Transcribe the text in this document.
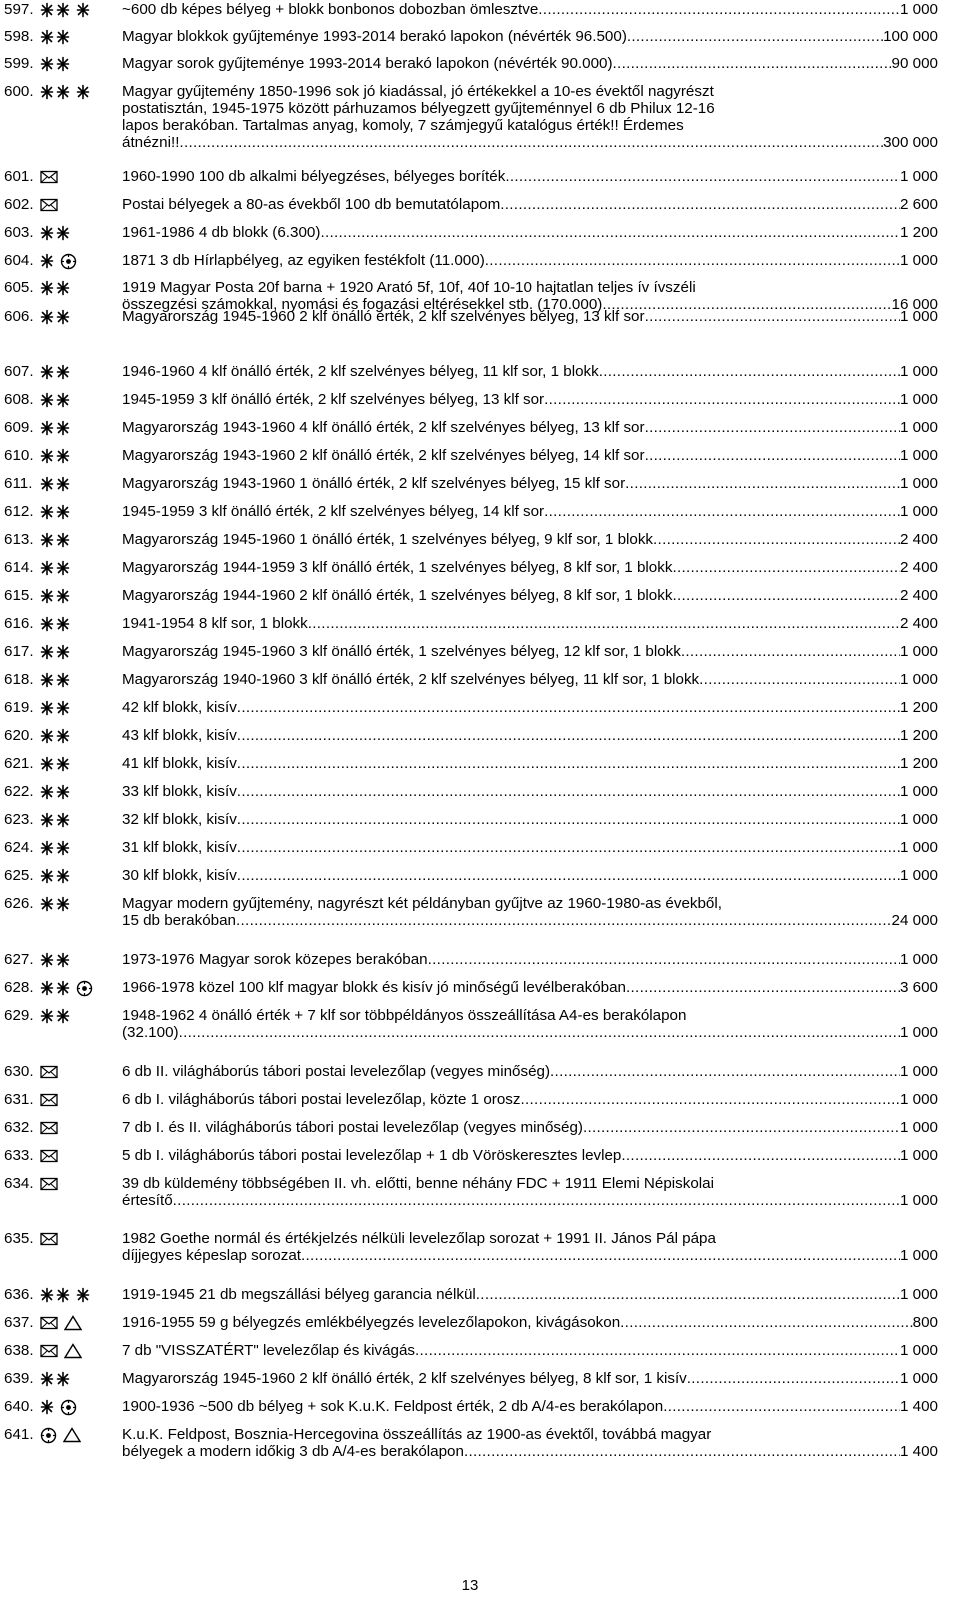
597.	~600 db képes bélyeg + blokk bonbonos dobozban ömlesztve .....	1 000
598.	Magyar blokkok gyűjteménye 1993-2014 berakó lapokon (névérték 96.500) .....	100 000
599.	Magyar sorok gyűjteménye 1993-2014 berakó lapokon (névérték 90.000) .....	90 000
600.	Magyar gyűjtemény 1850-1996 sok jó kiadással, jó értékekkel a 10-es évektől nagyrészt
postatisztán, 1945-1975 között párhuzamos bélyegzett gyűjteménnyel 6 db Philux 12-16
lapos berakóban. Tartalmas anyag, komoly, 7 számjegyű katalógus érték!! Érdemes
átnézni!! .....	300 000
601.	1960-1990 100 db alkalmi bélyegzéses, bélyeges boríték .....	1 000
602.	Postai bélyegek a 80-as évekből 100 db bemutatólapom .....	2 600
603.	1961-1986 4 db blokk (6.300) .....	1 200
604.	1871 3 db Hírlapbélyeg, az egyiken festékfolt (11.000) .....	1 000
605.	1919 Magyar Posta 20f barna + 1920 Arató 5f, 10f, 40f 10-10 hajtatlan teljes ív ívszéli
összegzési számokkal, nyomási és fogazási eltérésekkel stb. (170.000) .....	16 000
606.	Magyarország 1945-1960 2 klf önálló érték, 2 klf szelvényes bélyeg, 13 klf sor .....	1 000
607.	1946-1960 4 klf önálló érték, 2 klf szelvényes bélyeg, 11 klf sor, 1 blokk .....	1 000
608.	1945-1959 3 klf önálló érték, 2 klf szelvényes bélyeg, 13 klf sor .....	1 000
609.	Magyarország 1943-1960 4 klf önálló érték, 2 klf szelvényes bélyeg, 13 klf sor .....	1 000
610.	Magyarország 1943-1960 2 klf önálló érték, 2 klf szelvényes bélyeg, 14 klf sor .....	1 000
611.	Magyarország 1943-1960 1 önálló érték, 2 klf szelvényes bélyeg, 15 klf sor .....	1 000
612.	1945-1959 3 klf önálló érték, 2 klf szelvényes bélyeg, 14 klf sor .....	1 000
613.	Magyarország 1945-1960 1 önálló érték, 1 szelvényes bélyeg, 9 klf sor, 1 blokk .....	2 400
614.	Magyarország 1944-1959 3 klf önálló érték, 1 szelvényes bélyeg, 8 klf sor, 1 blokk .....	2 400
615.	Magyarország 1944-1960 2 klf önálló érték, 1 szelvényes bélyeg, 8 klf sor, 1 blokk .....	2 400
616.	1941-1954 8 klf sor, 1 blokk .....	2 400
617.	Magyarország 1945-1960 3 klf önálló érték, 1 szelvényes bélyeg, 12 klf sor, 1 blokk .....	1 000
618.	Magyarország 1940-1960 3 klf önálló érték, 2 klf szelvényes bélyeg, 11 klf sor, 1 blokk .....	1 000
619.	42 klf blokk, kisív .....	1 200
620.	43 klf blokk, kisív .....	1 200
621.	41 klf blokk, kisív .....	1 200
622.	33 klf blokk, kisív .....	1 000
623.	32 klf blokk, kisív .....	1 000
624.	31 klf blokk, kisív .....	1 000
625.	30 klf blokk, kisív .....	1 000
626.	Magyar modern gyűjtemény, nagyrészt két példányban gyűjtve az 1960-1980-as évekből,
15 db berakóban .....	24 000
627.	1973-1976 Magyar sorok közepes berakóban .....	1 000
628.	1966-1978 közel 100 klf magyar blokk és kisív jó minőségű levélberakóban .....	3 600
629.	1948-1962 4 önálló érték + 7 klf sor többpéldányos összeállítása A4-es berakólapon
(32.100) .....	1 000
630.	6 db II. világháborús tábori postai levelezőlap (vegyes minőség) .....	1 000
631.	6 db I. világháborús tábori postai levelezőlap, közte 1 orosz .....	1 000
632.	7 db I. és II. világháborús tábori postai levelezőlap (vegyes minőség) .....	1 000
633.	5 db I. világháborús tábori postai levelezőlap + 1 db Vöröskeresztes levlep .....	1 000
634.	39 db küldemény többségében II. vh. előtti, benne néhány FDC + 1911 Elemi Népiskolai
értesítő .....	1 000
635.	1982 Goethe normál és értékjelzés nélküli levelezőlap sorozat + 1991 II. János Pál pápa
díjjegyes képeslap sorozat .....	1 000
636.	1919-1945 21 db megszállási bélyeg garancia nélkül .....	1 000
637.	1916-1955 59 g bélyegzés emlékbélyegzés levelezőlapokon, kivágásokon .....	800
638.	7 db "VISSZATÉRT" levelezőlap és kivágás .....	1 000
639.	Magyarország 1945-1960 2 klf önálló érték, 2 klf szelvényes bélyeg, 8 klf sor, 1 kisív .....	1 000
640.	1900-1936 ~500 db bélyeg + sok K.u.K. Feldpost érték, 2 db A/4-es berakólapon .....	1 400
641.	K.u.K. Feldpost, Bosznia-Hercegovina összeállítás az 1900-as évektől, továbbá magyar
bélyegek a modern időkig 3 db A/4-es berakólapon .....	1 400
13
